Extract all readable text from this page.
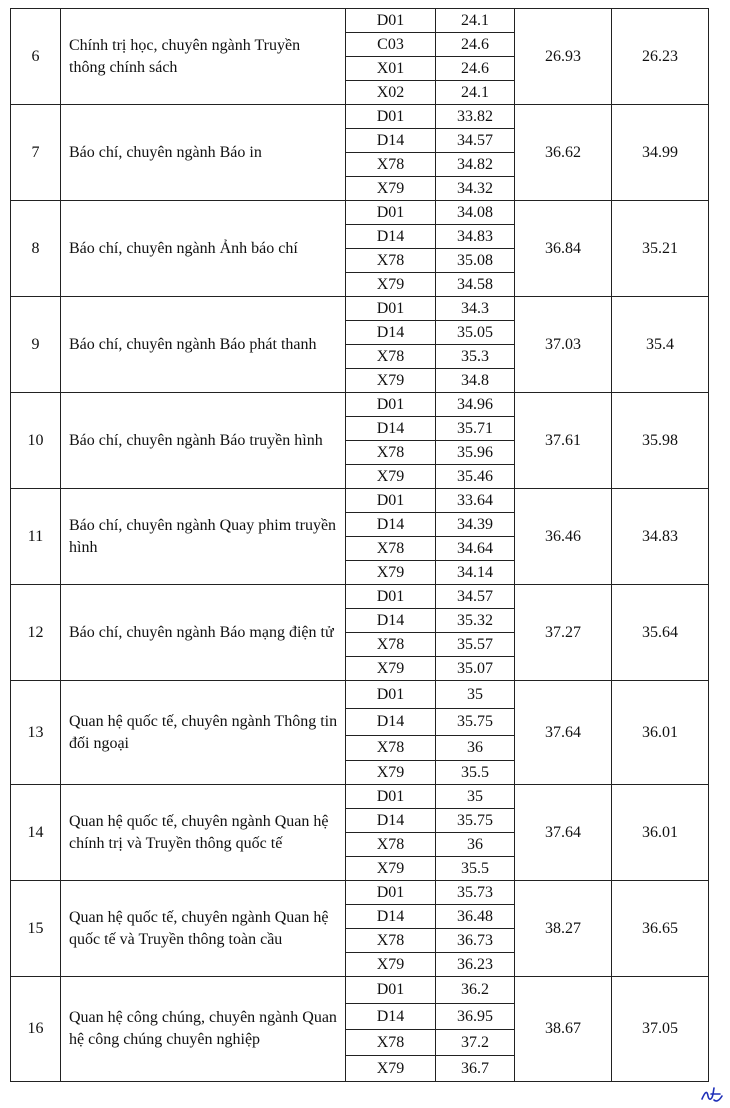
6	Chính trị học, chuyên ngành Truyền thông chính sách	D01	24.1	26.93	26.23
		C03	24.6		
		X01	24.6		
		X02	24.1		
7	Báo chí, chuyên ngành Báo in	D01	33.82	36.62	34.99
		D14	34.57		
		X78	34.82		
		X79	34.32		
8	Báo chí, chuyên ngành Ảnh báo chí	D01	34.08	36.84	35.21
		D14	34.83		
		X78	35.08		
		X79	34.58		
9	Báo chí, chuyên ngành Báo phát thanh	D01	34.3	37.03	35.4
		D14	35.05		
		X78	35.3		
		X79	34.8		
10	Báo chí, chuyên ngành Báo truyền hình	D01	34.96	37.61	35.98
		D14	35.71		
		X78	35.96		
		X79	35.46		
11	Báo chí, chuyên ngành Quay phim truyền hình	D01	33.64	36.46	34.83
		D14	34.39		
		X78	34.64		
		X79	34.14		
12	Báo chí, chuyên ngành Báo mạng điện tử	D01	34.57	37.27	35.64
		D14	35.32		
		X78	35.57		
		X79	35.07		
13	Quan hệ quốc tế, chuyên ngành Thông tin đối ngoại	D01	35	37.64	36.01
		D14	35.75		
		X78	36		
		X79	35.5		
14	Quan hệ quốc tế, chuyên ngành Quan hệ chính trị và Truyền thông quốc tế	D01	35	37.64	36.01
		D14	35.75		
		X78	36		
		X79	35.5		
15	Quan hệ quốc tế, chuyên ngành Quan hệ quốc tế và Truyền thông toàn cầu	D01	35.73	38.27	36.65
		D14	36.48		
		X78	36.73		
		X79	36.23		
16	Quan hệ công chúng, chuyên ngành Quan hệ công chúng chuyên nghiệp	D01	36.2	38.67	37.05
		D14	36.95		
		X78	37.2		
		X79	36.7		
